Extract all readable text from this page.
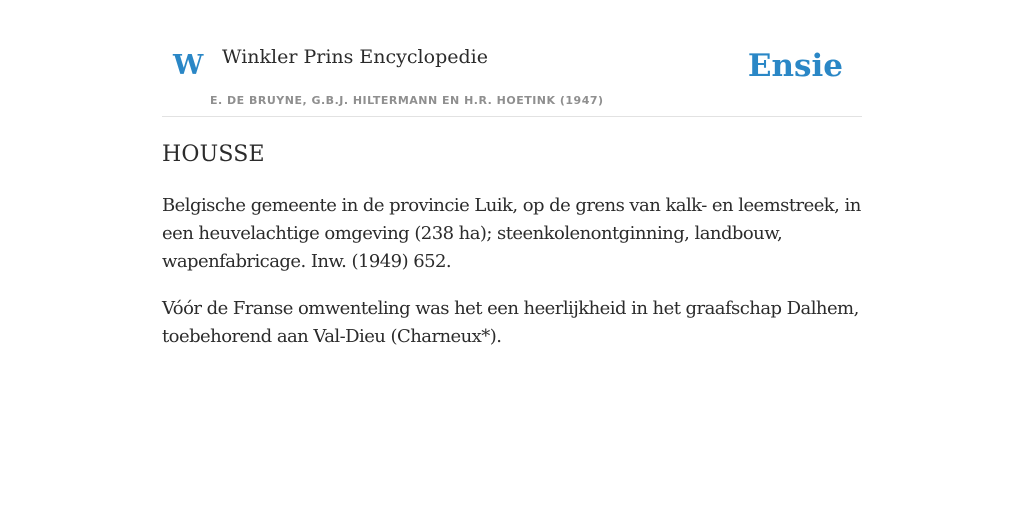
W Winkler Prins Encyclopedie
E. DE BRUYNE, G.B.J. HILTERMANN EN H.R. HOETINK (1947)
Ensie
HOUSSE

Belgische gemeente in de provincie Luik, op de grens van kalk- en leemstreek, in een heuvelachtige omgeving (238 ha); steenkolenontginning, landbouw, wapenfabricage. Inw. (1949) 652.

Vóór de Franse omwenteling was het een heerlijkheid in het graafschap Dalhem, toebehorend aan Val-Dieu (Charneux*).
